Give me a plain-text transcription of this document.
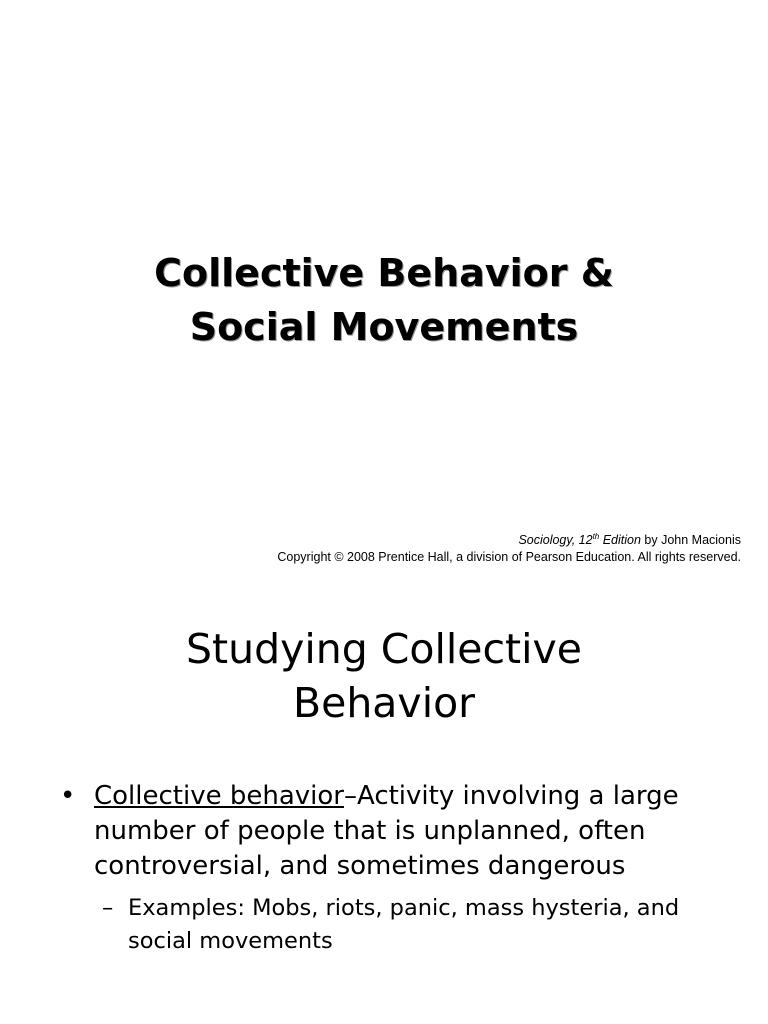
Collective Behavior &
Social Movements
Sociology, 12th Edition by John Macionis
Copyright © 2008 Prentice Hall, a division of Pearson Education. All rights reserved.
Studying Collective
Behavior
• Collective behavior–Activity involving a large number of people that is unplanned, often controversial, and sometimes dangerous
– Examples: Mobs, riots, panic, mass hysteria, and social movements
